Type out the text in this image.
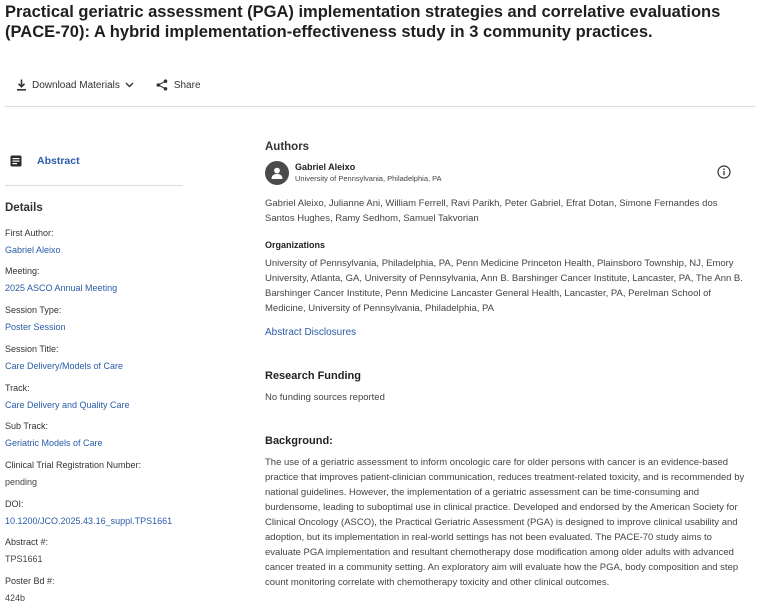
Practical geriatric assessment (PGA) implementation strategies and correlative evaluations (PACE-70): A hybrid implementation-effectiveness study in 3 community practices.
Download Materials	Share
Abstract
Details
First Author:
Gabriel Aleixo
Meeting:
2025 ASCO Annual Meeting
Session Type:
Poster Session
Session Title:
Care Delivery/Models of Care
Track:
Care Delivery and Quality Care
Sub Track:
Geriatric Models of Care
Clinical Trial Registration Number:
pending
DOI:
10.1200/JCO.2025.43.16_suppl.TPS1661
Abstract #:
TPS1661
Poster Bd #:
424b
Authors
Gabriel Aleixo
University of Pennsylvania, Philadelphia, PA

Gabriel Aleixo, Julianne Ani, William Ferrell, Ravi Parikh, Peter Gabriel, Efrat Dotan, Simone Fernandes dos Santos Hughes, Ramy Sedhom, Samuel Takvorian

Organizations

University of Pennsylvania, Philadelphia, PA, Penn Medicine Princeton Health, Plainsboro Township, NJ, Emory University, Atlanta, GA, University of Pennsylvania, Ann B. Barshinger Cancer Institute, Lancaster, PA, The Ann B. Barshinger Cancer Institute, Penn Medicine Lancaster General Health, Lancaster, PA, Perelman School of Medicine, University of Pennsylvania, Philadelphia, PA

Abstract Disclosures
Research Funding

No funding sources reported

Background:

The use of a geriatric assessment to inform oncologic care for older persons with cancer is an evidence-based practice that improves patient-clinician communication, reduces treatment-related toxicity, and is recommended by national guidelines. However, the implementation of a geriatric assessment can be time-consuming and burdensome, leading to suboptimal use in clinical practice. Developed and endorsed by the American Society for Clinical Oncology (ASCO), the Practical Geriatric Assessment (PGA) is designed to improve clinical usability and adoption, but its implementation in real-world settings has not been evaluated. The PACE-70 study aims to evaluate PGA implementation and resultant chemotherapy dose modification among older adults with advanced cancer treated in a community setting. An exploratory aim will evaluate how the PGA, body composition and step count monitoring correlate with chemotherapy toxicity and other clinical outcomes.
